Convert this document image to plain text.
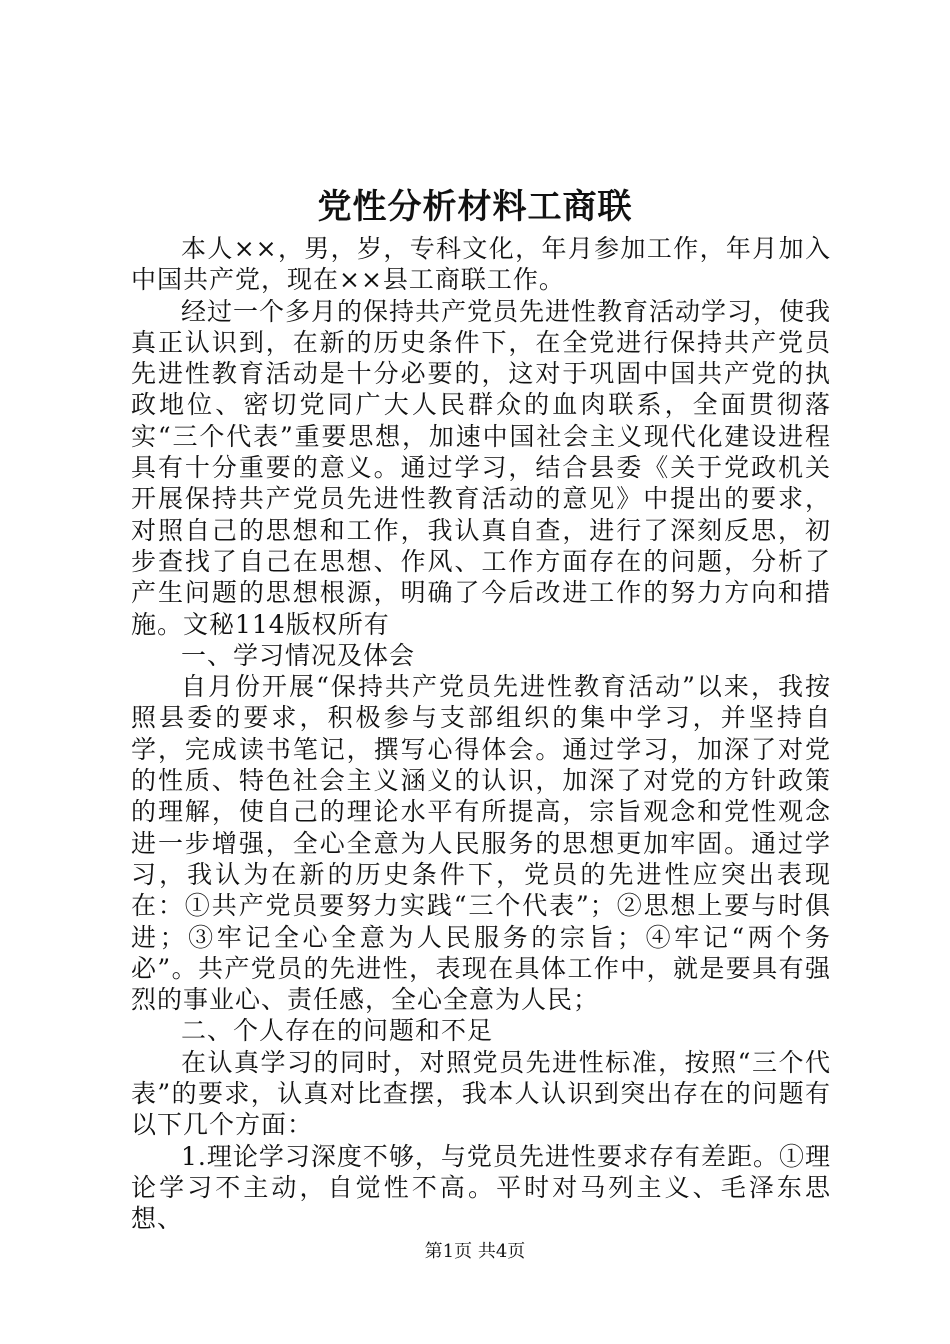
党性分析材料工商联

本人××，男，岁，专科文化，年月参加工作，年月加入中国共产党，现在××县工商联工作。

经过一个多月的保持共产党员先进性教育活动学习，使我真正认识到，在新的历史条件下，在全党进行保持共产党员先进性教育活动是十分必要的，这对于巩固中国共产党的执政地位、密切党同广大人民群众的血肉联系，全面贯彻落实“三个代表”重要思想，加速中国社会主义现代化建设进程具有十分重要的意义。通过学习，结合县委《关于党政机关开展保持共产党员先进性教育活动的意见》中提出的要求，对照自己的思想和工作，我认真自查，进行了深刻反思，初步查找了自己在思想、作风、工作方面存在的问题，分析了产生问题的思想根源，明确了今后改进工作的努力方向和措施。文秘114版权所有

一、学习情况及体会

自月份开展“保持共产党员先进性教育活动”以来，我按照县委的要求，积极参与支部组织的集中学习，并坚持自学，完成读书笔记，撰写心得体会。通过学习，加深了对党的性质、特色社会主义涵义的认识，加深了对党的方针政策的理解，使自己的理论水平有所提高，宗旨观念和党性观念进一步增强，全心全意为人民服务的思想更加牢固。通过学习，我认为在新的历史条件下，党员的先进性应突出表现在：①共产党员要努力实践“三个代表”；②思想上要与时俱进；③牢记全心全意为人民服务的宗旨；④牢记“两个务必”。共产党员的先进性，表现在具体工作中，就是要具有强烈的事业心、责任感，全心全意为人民；

二、个人存在的问题和不足

在认真学习的同时，对照党员先进性标准，按照“三个代表”的要求，认真对比查摆，我本人认识到突出存在的问题有以下几个方面：

1.理论学习深度不够，与党员先进性要求存有差距。①理论学习不主动，自觉性不高。平时对马列主义、毛泽东思想、

第1页 共4页
